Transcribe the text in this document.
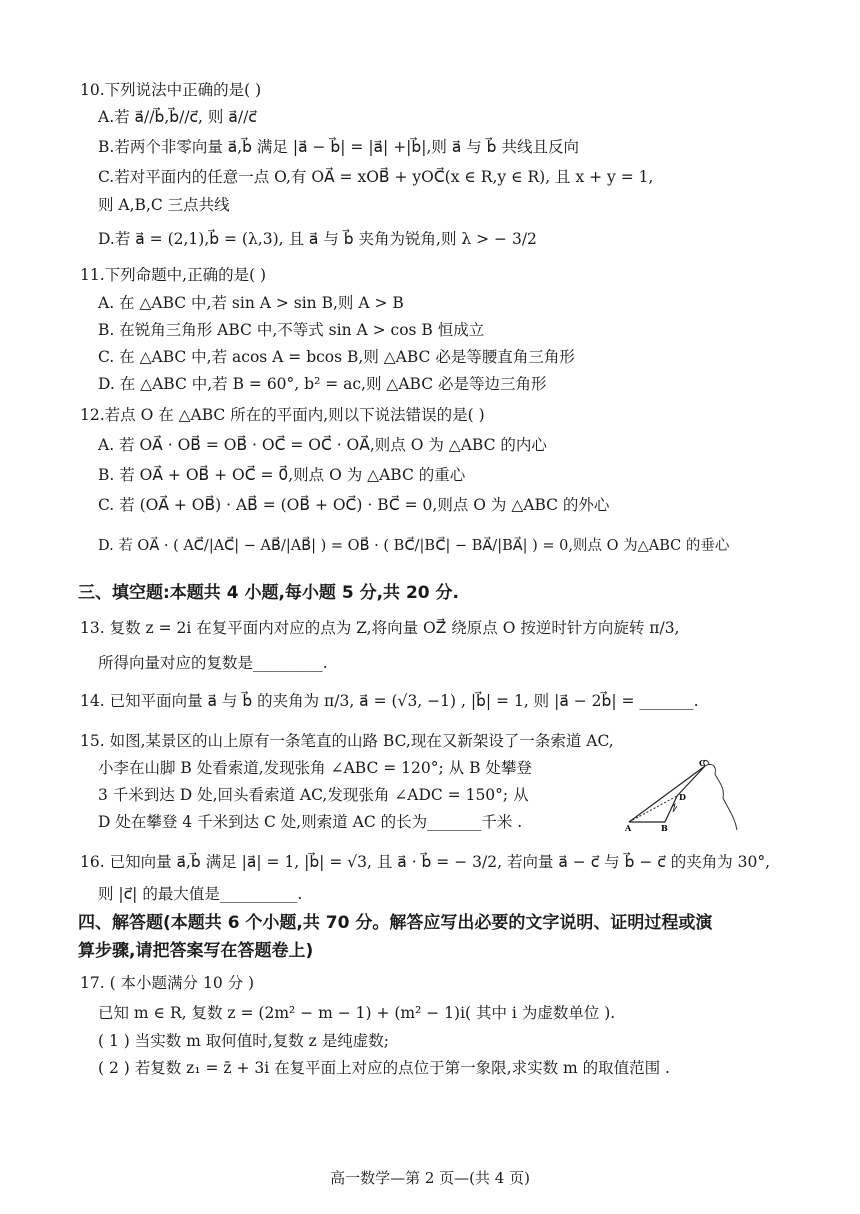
10.下列说法中正确的是( )
A.若 a⃗//b⃗,b⃗//c⃗, 则 a⃗//c⃗
B.若两个非零向量 a⃗,b⃗ 满足 |a⃗ − b⃗| = |a⃗| +|b⃗|,则 a⃗ 与 b⃗ 共线且反向
C.若对平面内的任意一点 O,有 OA⃗ = xOB⃗ + yOC⃗(x ∈ R,y ∈ R), 且 x + y = 1,
则 A,B,C 三点共线
D.若 a⃗ = (2,1),b⃗ = (λ,3), 且 a⃗ 与 b⃗ 夹角为锐角,则 λ > − 3/2
11.下列命题中,正确的是( )
A. 在 △ABC 中,若 sin A > sin B,则 A > B
B. 在锐角三角形 ABC 中,不等式 sin A > cos B 恒成立
C. 在 △ABC 中,若 acos A = bcos B,则 △ABC 必是等腰直角三角形
D. 在 △ABC 中,若 B = 60°, b² = ac,则 △ABC 必是等边三角形
12.若点 O 在 △ABC 所在的平面内,则以下说法错误的是( )
A. 若 OA⃗ · OB⃗ = OB⃗ · OC⃗ = OC⃗ · OA⃗,则点 O 为 △ABC 的内心
B. 若 OA⃗ + OB⃗ + OC⃗ = 0⃗,则点 O 为 △ABC 的重心
C. 若 (OA⃗ + OB⃗) · AB⃗ = (OB⃗ + OC⃗) · BC⃗ = 0,则点 O 为 △ABC 的外心
D. 若 OA⃗ · ( AC⃗/|AC⃗| − AB⃗/|AB⃗| ) = OB⃗ · ( BC⃗/|BC⃗| − BA⃗/|BA⃗| ) = 0,则点 O 为△ABC 的垂心
三、填空题:本题共 4 小题,每小题 5 分,共 20 分.
13. 复数 z = 2i 在复平面内对应的点为 Z,将向量 OZ⃗ 绕原点 O 按逆时针方向旋转 π/3,
所得向量对应的复数是_________.
14. 已知平面向量 a⃗ 与 b⃗ 的夹角为 π/3, a⃗ = (√3, −1) , |b⃗| = 1, 则 |a⃗ − 2b⃗| = _______.
15. 如图,某景区的山上原有一条笔直的山路 BC,现在又新架设了一条索道 AC,
小李在山脚 B 处看索道,发现张角 ∠ABC = 120°; 从 B 处攀登
3 千米到达 D 处,回头看索道 AC,发现张角 ∠ADC = 150°; 从
D 处在攀登 4 千米到达 C 处,则索道 AC 的长为_______千米 .	A	B
C
D
16. 已知向量 a⃗,b⃗ 满足 |a⃗| = 1, |b⃗| = √3, 且 a⃗ · b⃗ = − 3/2, 若向量 a⃗ − c⃗ 与 b⃗ − c⃗ 的夹角为 30°,
则 |c⃗| 的最大值是__________.
四、解答题(本题共 6 个小题,共 70 分。解答应写出必要的文字说明、证明过程或演
算步骤,请把答案写在答题卷上)
17. ( 本小题满分 10 分 )
已知 m ∈ R, 复数 z = (2m² − m − 1) + (m² − 1)i( 其中 i 为虚数单位 ).
( 1 ) 当实数 m 取何值时,复数 z 是纯虚数;
( 2 ) 若复数 z₁ = z̄ + 3i 在复平面上对应的点位于第一象限,求实数 m 的取值范围 .
高一数学—第 2 页—(共 4 页)
